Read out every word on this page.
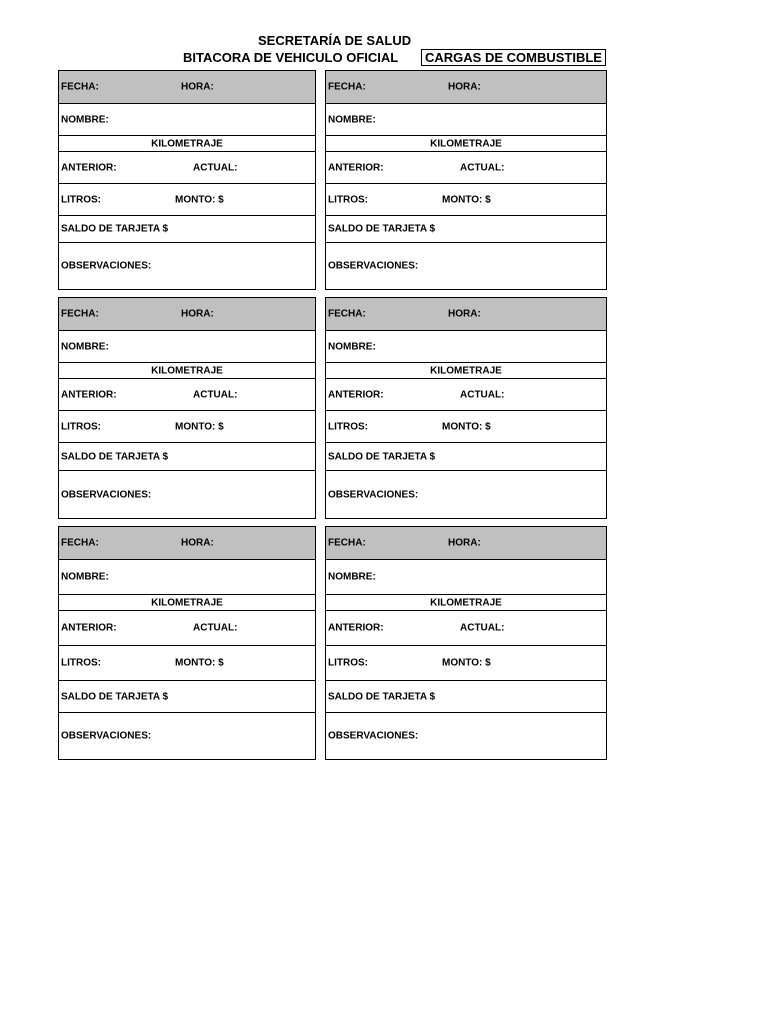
SECRETARÍA DE SALUD
BITACORA DE VEHICULO OFICIAL	CARGAS DE COMBUSTIBLE
FECHA:	HORA:
NOMBRE:
KILOMETRAJE
ANTERIOR:	ACTUAL:
LITROS:	MONTO: $
SALDO DE TARJETA $
OBSERVACIONES:
FECHA:	HORA:
NOMBRE:
KILOMETRAJE
ANTERIOR:	ACTUAL:
LITROS:	MONTO: $
SALDO DE TARJETA $
OBSERVACIONES:
FECHA:	HORA:
NOMBRE:
KILOMETRAJE
ANTERIOR:	ACTUAL:
LITROS:	MONTO: $
SALDO DE TARJETA $
OBSERVACIONES:
FECHA:	HORA:
NOMBRE:
KILOMETRAJE
ANTERIOR:	ACTUAL:
LITROS:	MONTO: $
SALDO DE TARJETA $
OBSERVACIONES:
FECHA:	HORA:
NOMBRE:
KILOMETRAJE
ANTERIOR:	ACTUAL:
LITROS:	MONTO: $
SALDO DE TARJETA $
OBSERVACIONES:
FECHA:	HORA:
NOMBRE:
KILOMETRAJE
ANTERIOR:	ACTUAL:
LITROS:	MONTO: $
SALDO DE TARJETA $
OBSERVACIONES:
